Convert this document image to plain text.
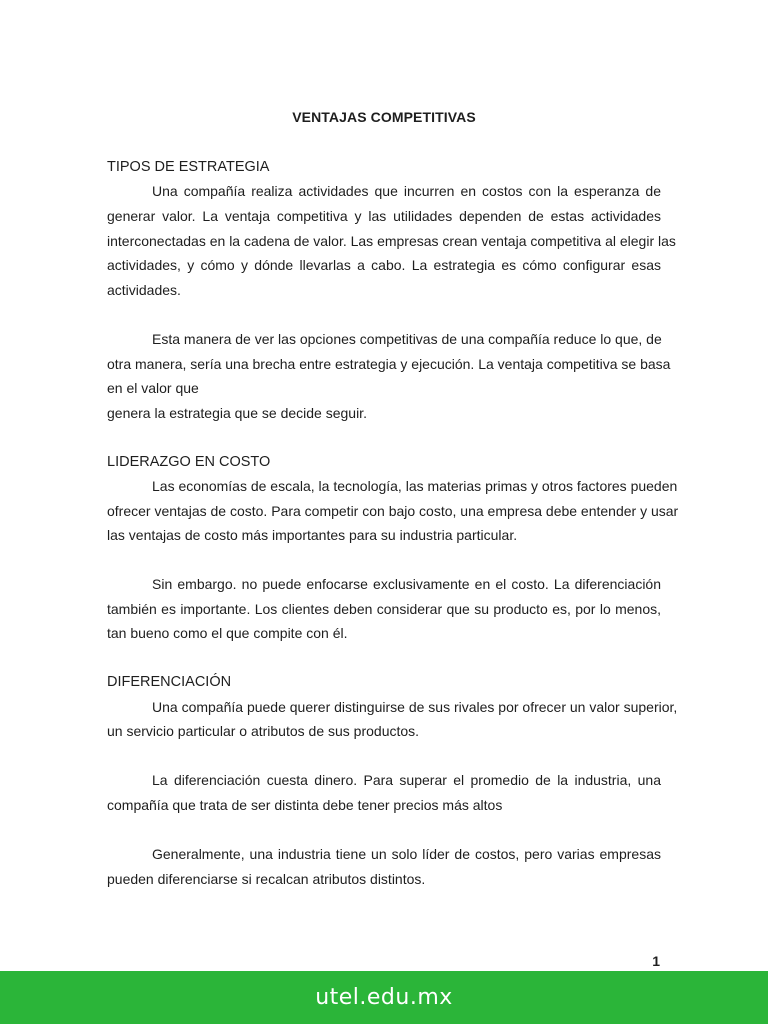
VENTAJAS COMPETITIVAS
TIPOS DE ESTRATEGIA
Una compañía realiza actividades que incurren en costos con la esperanza de
generar valor. La ventaja competitiva y las utilidades dependen de estas actividades
interconectadas en la cadena de valor. Las empresas crean ventaja competitiva al elegir las
actividades, y cómo y dónde llevarlas a cabo. La estrategia es cómo configurar esas
actividades.
Esta manera de ver las opciones competitivas de una compañía reduce lo que, de
otra manera, sería una brecha entre estrategia y ejecución. La ventaja competitiva se basa
en el valor que
genera la estrategia que se decide seguir.
LIDERAZGO EN COSTO
Las economías de escala, la tecnología, las materias primas y otros factores pueden
ofrecer ventajas de costo. Para competir con bajo costo, una empresa debe entender y usar
las ventajas de costo más importantes para su industria particular.
Sin embargo. no puede enfocarse exclusivamente en el costo. La diferenciación
también es importante. Los clientes deben considerar que su producto es, por lo menos,
tan bueno como el que compite con él.
DIFERENCIACIÓN
Una compañía puede querer distinguirse de sus rivales por ofrecer un valor superior,
un servicio particular o atributos de sus productos.
La diferenciación cuesta dinero. Para superar el promedio de la industria, una
compañía que trata de ser distinta debe tener precios más altos
Generalmente, una industria tiene un solo líder de costos, pero varias empresas
pueden diferenciarse si recalcan atributos distintos.
1
utel.edu.mx
